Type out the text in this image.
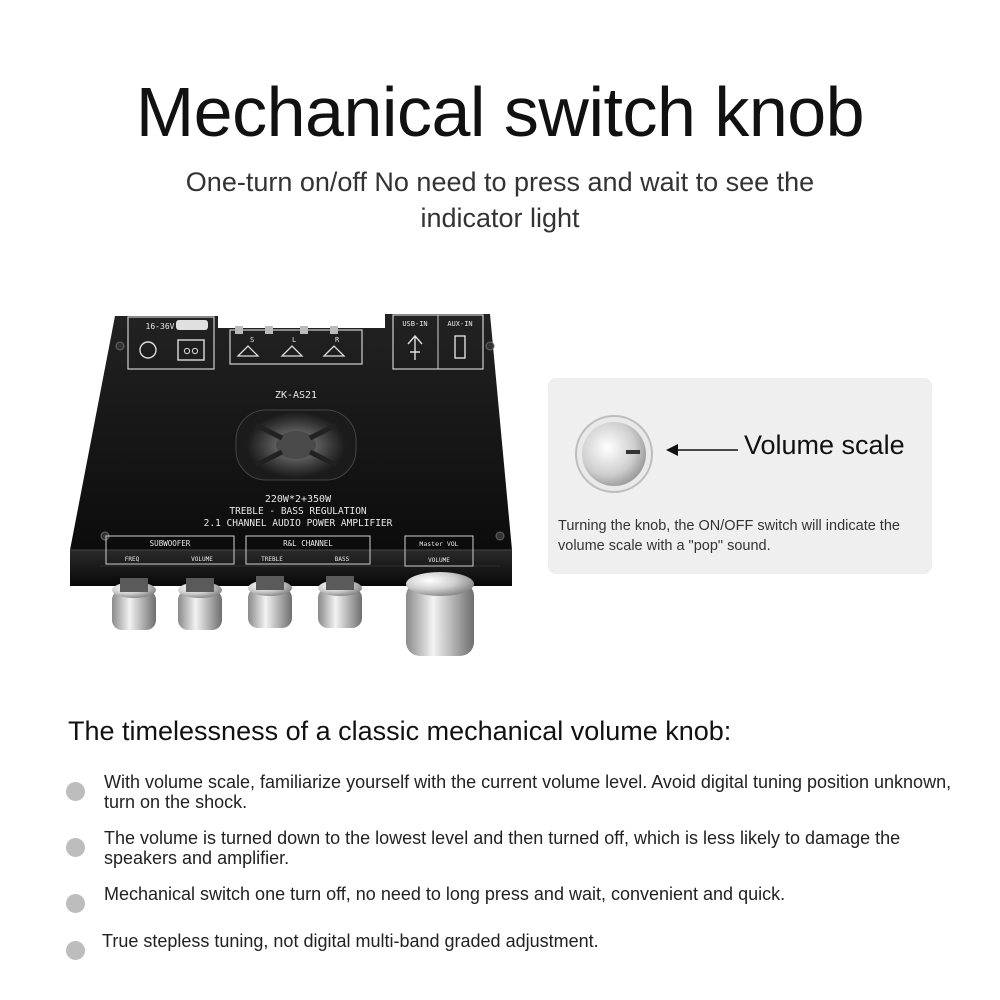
Mechanical switch knob
One-turn on/off No need to press and wait to see the indicator light
16-36V
S	L	R
USB-IN	AUX-IN
ZK-AS21
220W*2+350W
TREBLE - BASS REGULATION
2.1 CHANNEL AUDIO POWER AMPLIFIER
SUBWOOFER
FREQ	VOLUME
R&L CHANNEL
TREBLE	BASS
Master VOL
VOLUME
Volume scale
Turning the knob, the ON/OFF switch will indicate the volume scale with a "pop" sound.
The timelessness of a classic mechanical volume knob:
With volume scale, familiarize yourself with the current volume level. Avoid digital tuning position unknown, turn on the shock.
The volume is turned down to the lowest level and then turned off, which is less likely to damage the speakers and amplifier.
Mechanical switch one turn off, no need to long press and wait, convenient and quick.
True stepless tuning, not digital multi-band graded adjustment.
